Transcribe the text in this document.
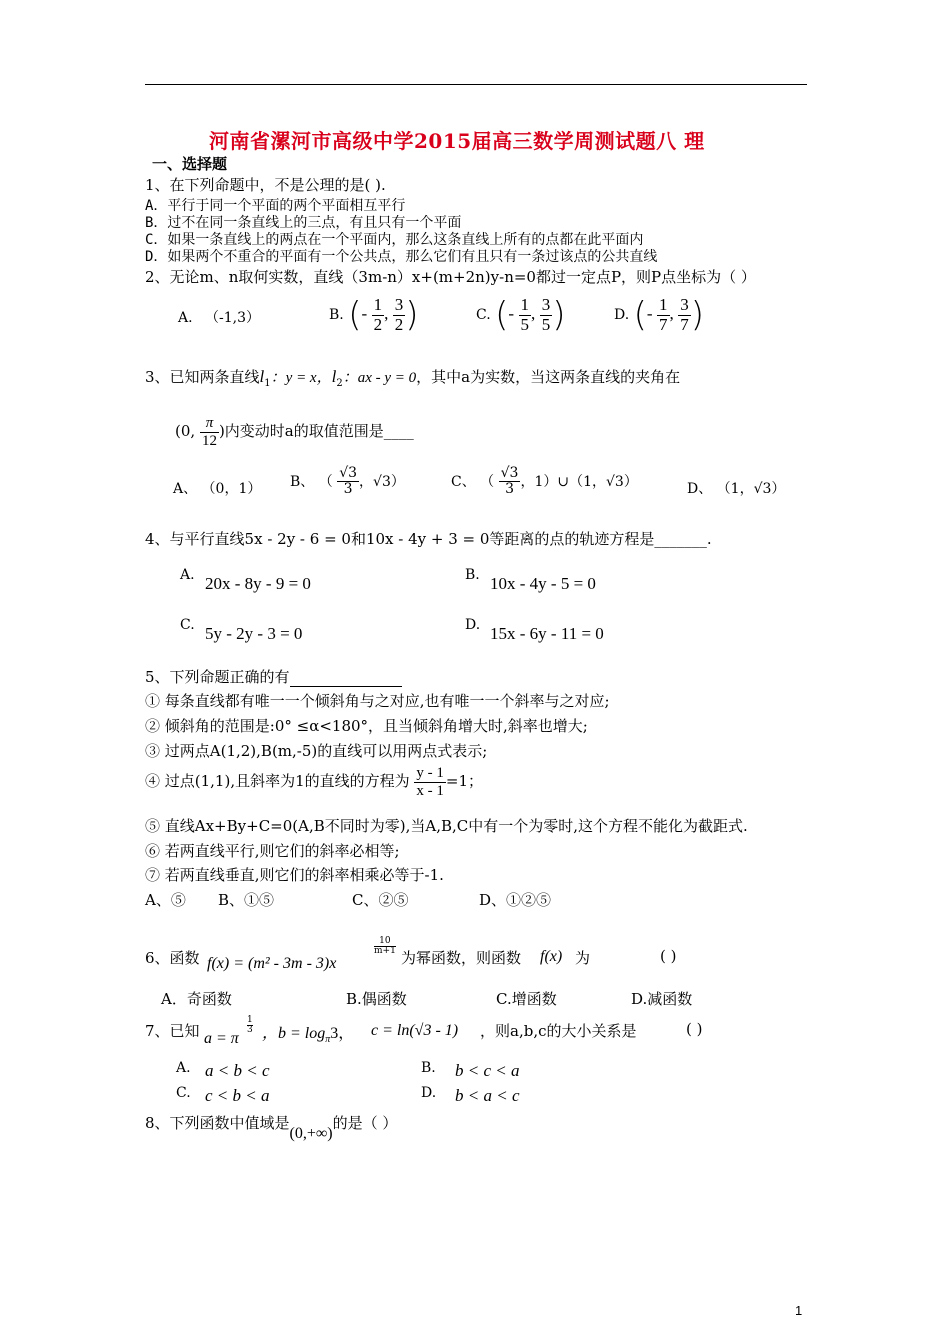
河南省漯河市高级中学2015届高三数学周测试题八 理
一、选择题
1、在下列命题中，不是公理的是( ).
A．平行于同一个平面的两个平面相互平行
B．过不在同一条直线上的三点，有且只有一个平面
C．如果一条直线上的两点在一个平面内，那么这条直线上所有的点都在此平面内
D．如果两个不重合的平面有一个公共点，那么它们有且只有一条过该点的公共直线
2、无论m、n取何实数，直线（3m-n）x+(m+2n)y-n=0都过一定点P，则P点坐标为（ ）
A. （-1,3）	B. (- $\frac{1}{2}$ , $\frac{3}{2}$ )	C. (- $\frac{1}{5}$ , $\frac{3}{5}$ )	D. (- $\frac{1}{7}$ , $\frac{3}{7}$ )
3、已知两条直线$l_1$：y = x，$l_2$：ax - y = 0，其中a为实数，当这两条直线的夹角在
(0, $\frac{\pi}{12}$ )内变动时a的取值范围是____
A、 （0，1） B、 （ $\frac{√3}{3}$ ，√3）	C、 （ $\frac{√3}{3}$ ，1）∪（1，√3）	D、 （1，√3）
4、与平行直线5x - 2y - 6 = 0和10x - 4y + 3 = 0等距离的点的轨迹方程是_______.
A. 20x - 8y - 9 = 0	B. 10x - 4y - 5 = 0
C. 5y - 2y - 3 = 0	D. 15x - 6y - 11 = 0
5、下列命题正确的有
① 每条直线都有唯一一个倾斜角与之对应,也有唯一一个斜率与之对应;
② 倾斜角的范围是:0° ≤α<180°，且当倾斜角增大时,斜率也增大;
③ 过两点A(1,2),B(m,-5)的直线可以用两点式表示;
④ 过点(1,1),且斜率为1的直线的方程为 $\frac{y - 1}{x - 1} =1$；
⑤ 直线Ax+By+C=0(A,B不同时为零),当A,B,C中有一个为零时,这个方程不能化为截距式.
⑥ 若两直线平行,则它们的斜率必相等;
⑦ 若两直线垂直,则它们的斜率相乘必等于-1.
A、⑤ B、①⑤	C、②⑤	D、①②⑤
6、函数 f(x) = (m² - 3m - 3)x
$\frac{10}{m+1}$
为幂函数，则函数 f(x) 为	( )
A．奇函数	B.偶函数	C.增函数	D.减函数
7、已知 a = π
$\frac{1}{3}$ ，$b = \log_\pi 3$， c = ln(√3 - 1) ，则a,b,c的大小关系是	( )
A. a < b < c	B. b < c < a
C. c < b < a	D. b < a < c
8、下列函数中值域是(0,+∞)的是（ ）
1
